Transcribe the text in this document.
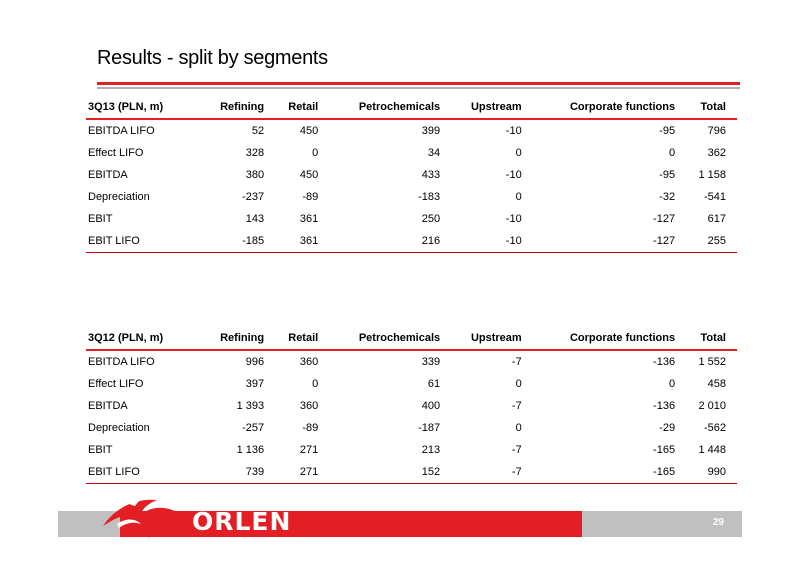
Results - split by segments
3Q13 (PLN, m)	Refining	Retail	Petrochemicals	Upstream	Corporate functions	Total
EBITDA LIFO	52	450	399	-10	-95	796
Effect LIFO	328	0	34	0	0	362
EBITDA	380	450	433	-10	-95	1 158
Depreciation	-237	-89	-183	0	-32	-541
EBIT	143	361	250	-10	-127	617
EBIT LIFO	-185	361	216	-10	-127	255
3Q12 (PLN, m)	Refining	Retail	Petrochemicals	Upstream	Corporate functions	Total
EBITDA LIFO	996	360	339	-7	-136	1 552
Effect LIFO	397	0	61	0	0	458
EBITDA	1 393	360	400	-7	-136	2 010
Depreciation	-257	-89	-187	0	-29	-562
EBIT	1 136	271	213	-7	-165	1 448
EBIT LIFO	739	271	152	-7	-165	990
29
ORLEN
